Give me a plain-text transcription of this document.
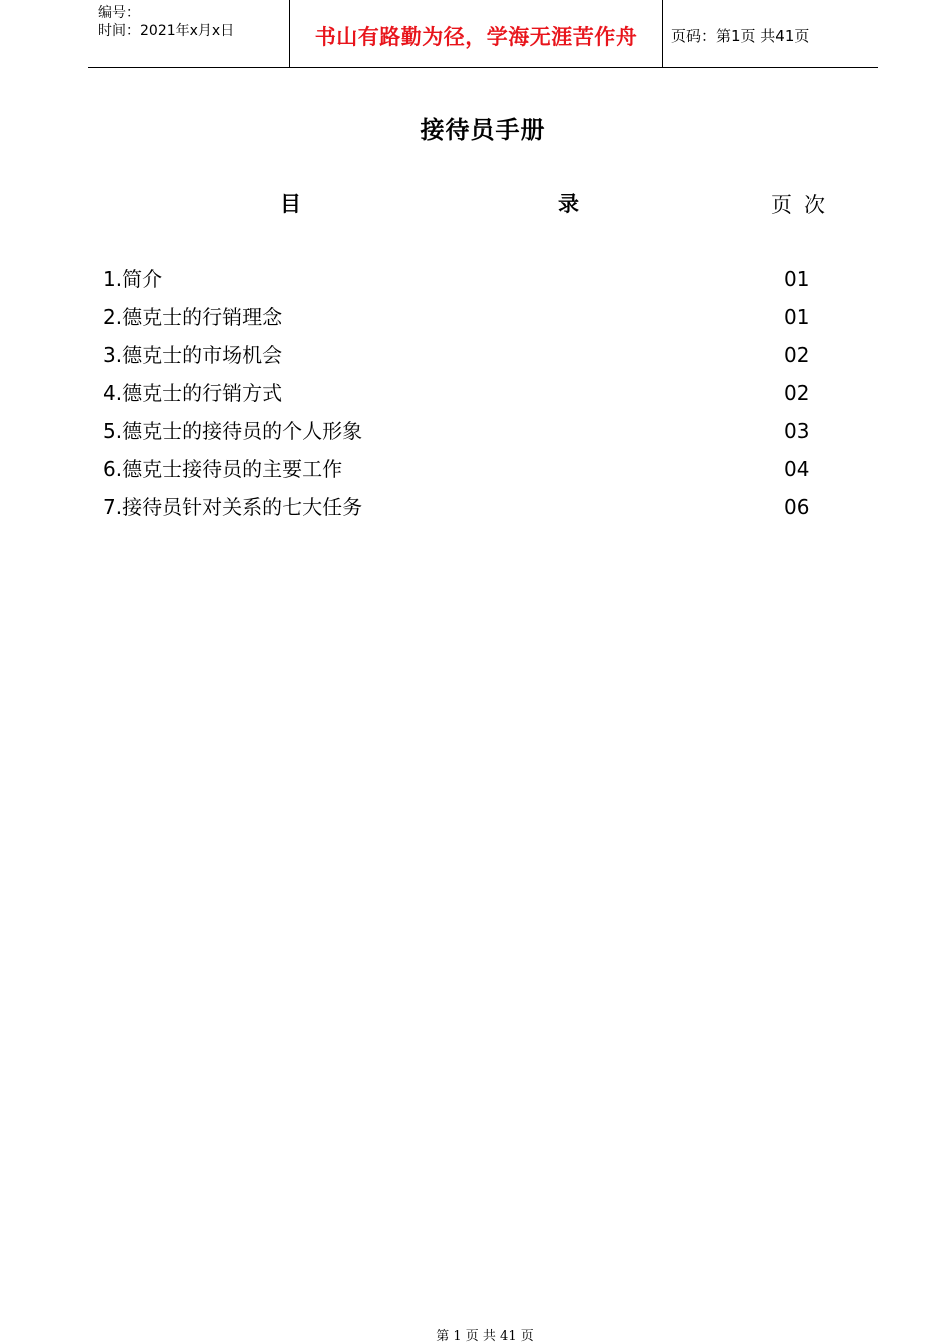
编号：
时间：2021年x月x日	书山有路勤为径，学海无涯苦作舟 页码：第1页 共41页
接待员手册
目	录	页次
1.简介	01
2.德克士的行销理念	01
3.德克士的市场机会	02
4.德克士的行销方式	02
5.德克士的接待员的个人形象	03
6.德克士接待员的主要工作	04
7.接待员针对关系的七大任务	06
第 1 页 共 41 页
